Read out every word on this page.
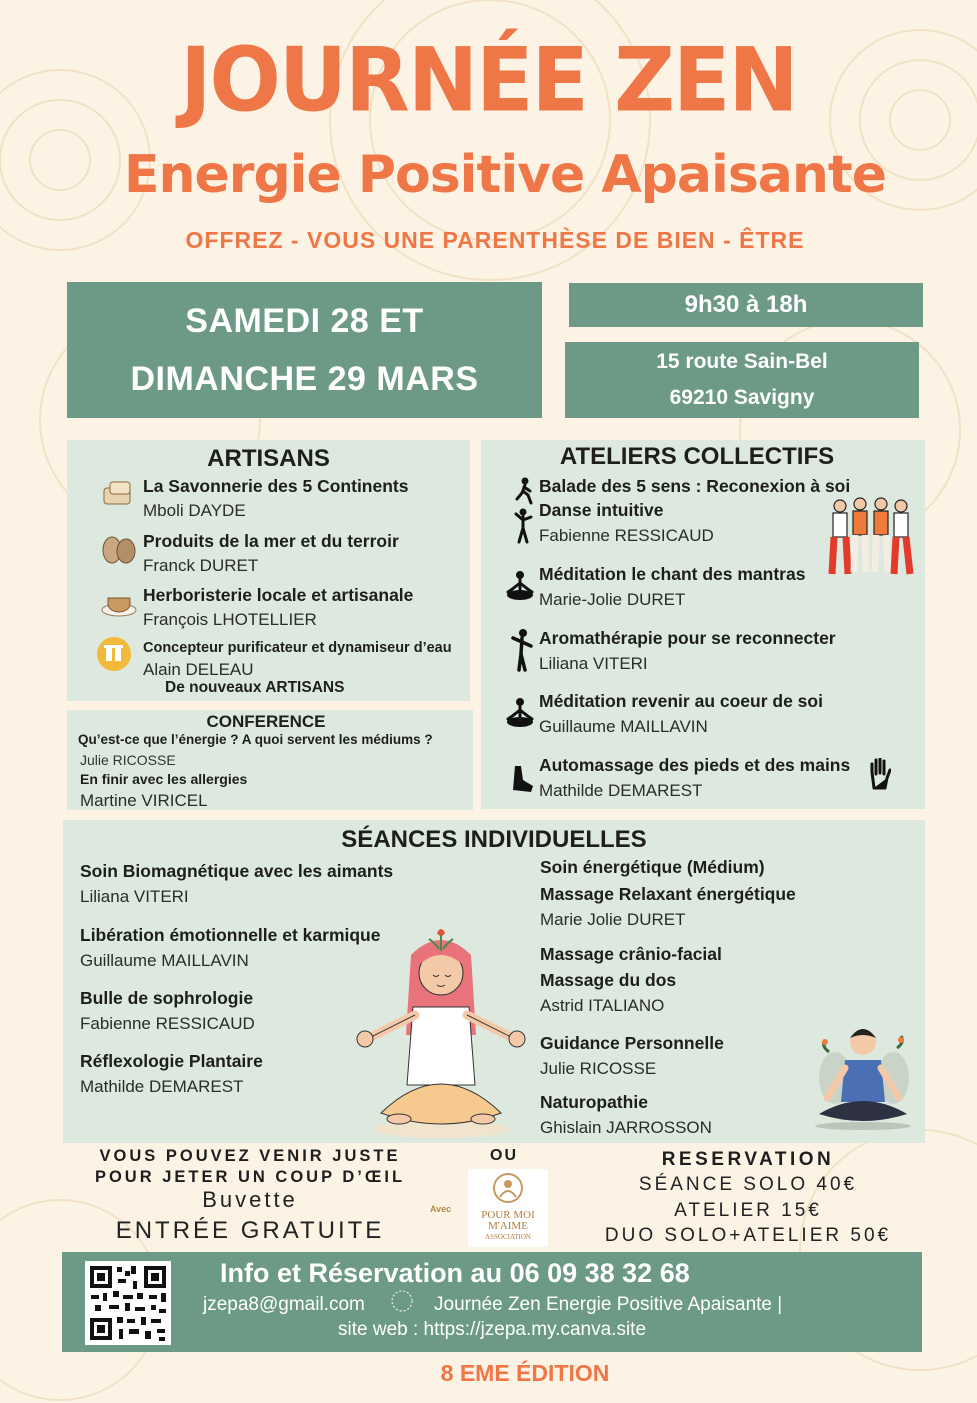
JOURNÉE ZEN
Energie Positive Apaisante
OFFREZ - VOUS UNE PARENTHÈSE DE BIEN - ÊTRE
SAMEDI 28 ET
DIMANCHE 29 MARS
9h30 à 18h
15 route Sain-Bel
69210 Savigny
ARTISANS
La Savonnerie des 5 Continents
Mboli DAYDE
Produits de la mer et du terroir
Franck DURET
Herboristerie locale et artisanale
François LHOTELLIER
Concepteur purificateur et dynamiseur d’eau
Alain DELEAU
De nouveaux ARTISANS
CONFERENCE
Qu’est-ce que l’énergie ? A quoi servent les médiums ?
Julie RICOSSE
En finir avec les allergies
Martine VIRICEL
ATELIERS COLLECTIFS
Balade des 5 sens : Reconexion à soi
Danse intuitive
Fabienne RESSICAUD
Méditation le chant des mantras
Marie-Jolie DURET
Aromathérapie pour se reconnecter
Liliana VITERI
Méditation revenir au coeur de soi
Guillaume MAILLAVIN
Automassage des pieds et des mains
Mathilde DEMAREST
SÉANCES INDIVIDUELLES
Soin Biomagnétique avec les aimants
Liliana VITERI
Libération émotionnelle et karmique
Guillaume MAILLAVIN
Bulle de sophrologie
Fabienne RESSICAUD
Réflexologie Plantaire
Mathilde DEMAREST
Soin énergétique (Médium)
Massage Relaxant énergétique
Marie Jolie DURET
Massage crânio-facial
Massage du dos
Astrid ITALIANO
Guidance Personnelle
Julie RICOSSE
Naturopathie
Ghislain JARROSSON
VOUS POUVEZ VENIR JUSTE
POUR JETER UN COUP D’ŒIL
Buvette
ENTRÉE GRATUITE
OU
Avec	POUR MOI
M'AIME
ASSOCIATION
RESERVATION
SÉANCE SOLO 40€
ATELIER 15€
DUO SOLO+ATELIER 50€
Info et Réservation au 06 09 38 32 68
jzepa8@gmail.com	Journée Zen Energie Positive Apaisante |
site web : https://jzepa.my.canva.site
8 EME ÉDITION
